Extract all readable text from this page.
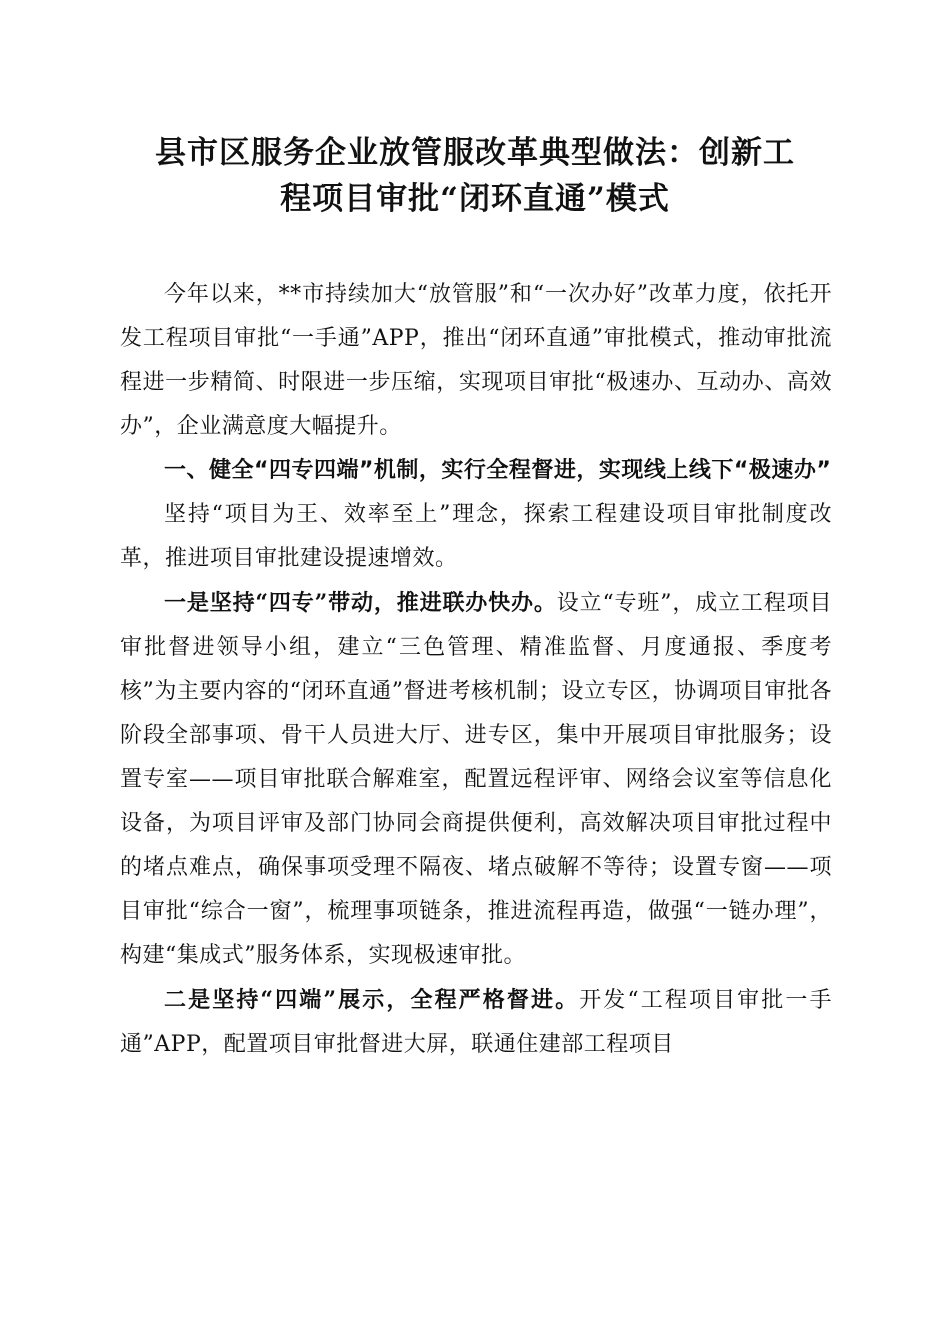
县市区服务企业放管服改革典型做法：创新工
程项目审批“闭环直通”模式

今年以来，**市持续加大“放管服”和“一次办好”改革力度，依托开发工程项目审批“一手通”APP，推出“闭环直通”审批模式，推动审批流程进一步精简、时限进一步压缩，实现项目审批“极速办、互动办、高效办”，企业满意度大幅提升。

一、健全“四专四端”机制，实行全程督进，实现线上线下“极速办”

坚持“项目为王、效率至上”理念，探索工程建设项目审批制度改革，推进项目审批建设提速增效。

一是坚持“四专”带动，推进联办快办。设立“专班”，成立工程项目审批督进领导小组，建立“三色管理、精准监督、月度通报、季度考核”为主要内容的“闭环直通”督进考核机制；设立专区，协调项目审批各阶段全部事项、骨干人员进大厅、进专区，集中开展项目审批服务；设置专室——项目审批联合解难室，配置远程评审、网络会议室等信息化设备，为项目评审及部门协同会商提供便利，高效解决项目审批过程中的堵点难点，确保事项受理不隔夜、堵点破解不等待；设置专窗——项目审批“综合一窗”，梳理事项链条，推进流程再造，做强“一链办理”，构建“集成式”服务体系，实现极速审批。

二是坚持“四端”展示，全程严格督进。开发“工程项目审批一手通”APP，配置项目审批督进大屏，联通住建部工程项目
